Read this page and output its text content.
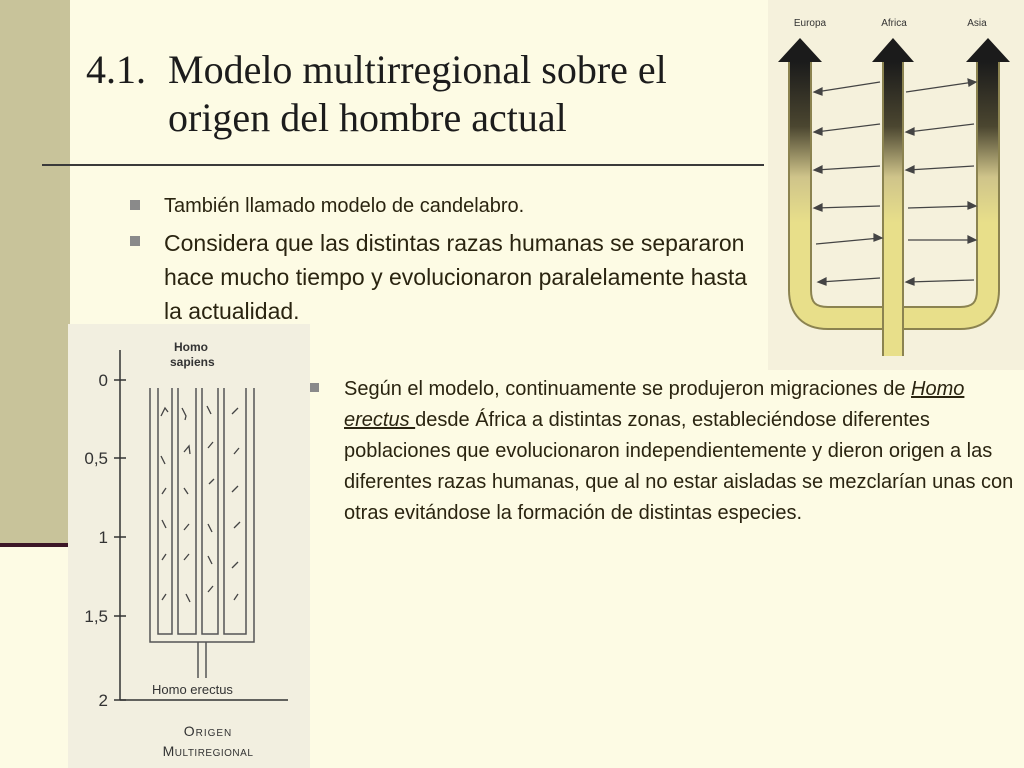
4.1. Modelo multirregional sobre el
origen del hombre actual
También llamado modelo de candelabro.
Considera que las distintas razas humanas se separaron hace mucho tiempo y evolucionaron paralelamente hasta la actualidad.
Europa	Africa	Asia
Homo
sapiens
0
0,5
1
1,5
2
Homo erectus
Origen
Multiregional
Según el modelo, continuamente se produjeron migraciones de Homo erectus desde África a distintas zonas, estableciéndose diferentes poblaciones que evolucionaron independientemente y dieron origen a las diferentes razas humanas, que al no estar aisladas se mezclarían unas con otras evitándose la formación de distintas especies.
